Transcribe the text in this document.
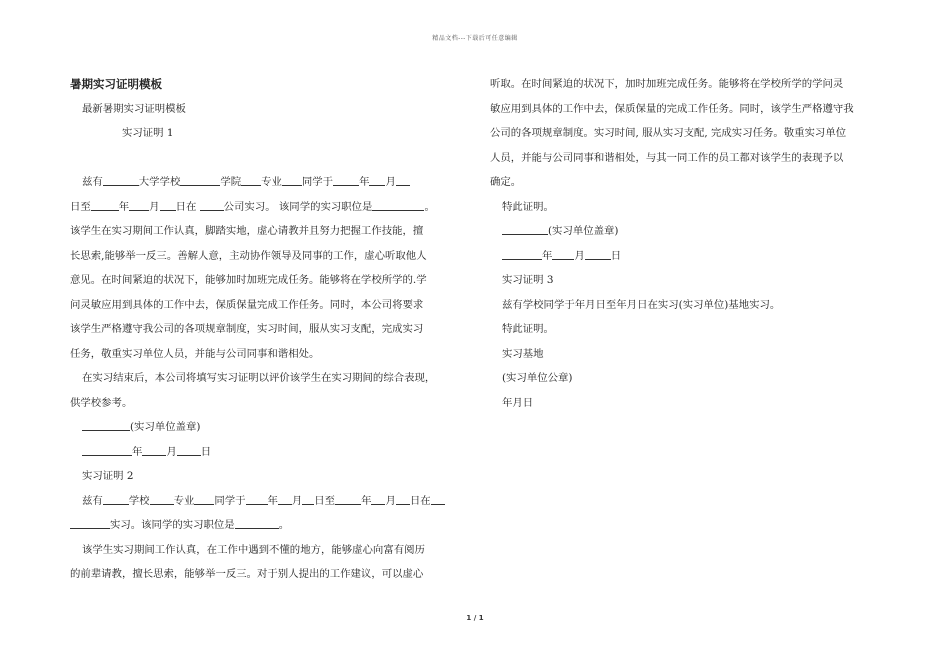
精品文档---下载后可任意编辑

暑期实习证明模板

最新暑期实习证明模板

实习证明 1

兹有	大学学校	学院 专业 同学于	年 月

日至	年 月 日在	公司实习。 该同学的实习职位是	。

该学生在实习期间工作认真，脚踏实地，虚心请教并且努力把握工作技能，擅

长思索,能够举一反三。善解人意，主动协作领导及同事的工作，虚心听取他人

意见。在时间紧迫的状况下，能够加时加班完成任务。能够将在学校所学的.学

问灵敏应用到具体的工作中去，保质保量完成工作任务。同时，本公司将要求

该学生严格遵守我公司的各项规章制度，实习时间，服从实习支配，完成实习

任务，敬重实习单位人员，并能与公司同事和谐相处。

在实习结束后，本公司将填写实习证明以评价该学生在实习期间的综合表现，

供学校参考。

(实习单位盖章)

年 月 日

实习证明 2

兹有	学校 专业 同学于 年 月 日至	年 月 日在

实习。该同学的实习职位是	。

该学生实习期间工作认真，在工作中遇到不懂的地方，能够虚心向富有阅历

的前辈请教，擅长思索，能够举一反三。对于别人提出的工作建议，可以虚心

听取。在时间紧迫的状况下，加时加班完成任务。能够将在学校所学的学问灵

敏应用到具体的工作中去，保质保量的完成工作任务。同时，该学生严格遵守我

公司的各项规章制度。实习时间, 服从实习支配, 完成实习任务。敬重实习单位

人员，并能与公司同事和谐相处，与其一同工作的员工都对该学生的表现予以

确定。

特此证明。

(实习单位盖章)

年 月	日

实习证明 3

兹有学校同学于年月日至年月日在实习(实习单位)基地实习。

特此证明。

实习基地

(实习单位公章)

年月日

1 / 1
